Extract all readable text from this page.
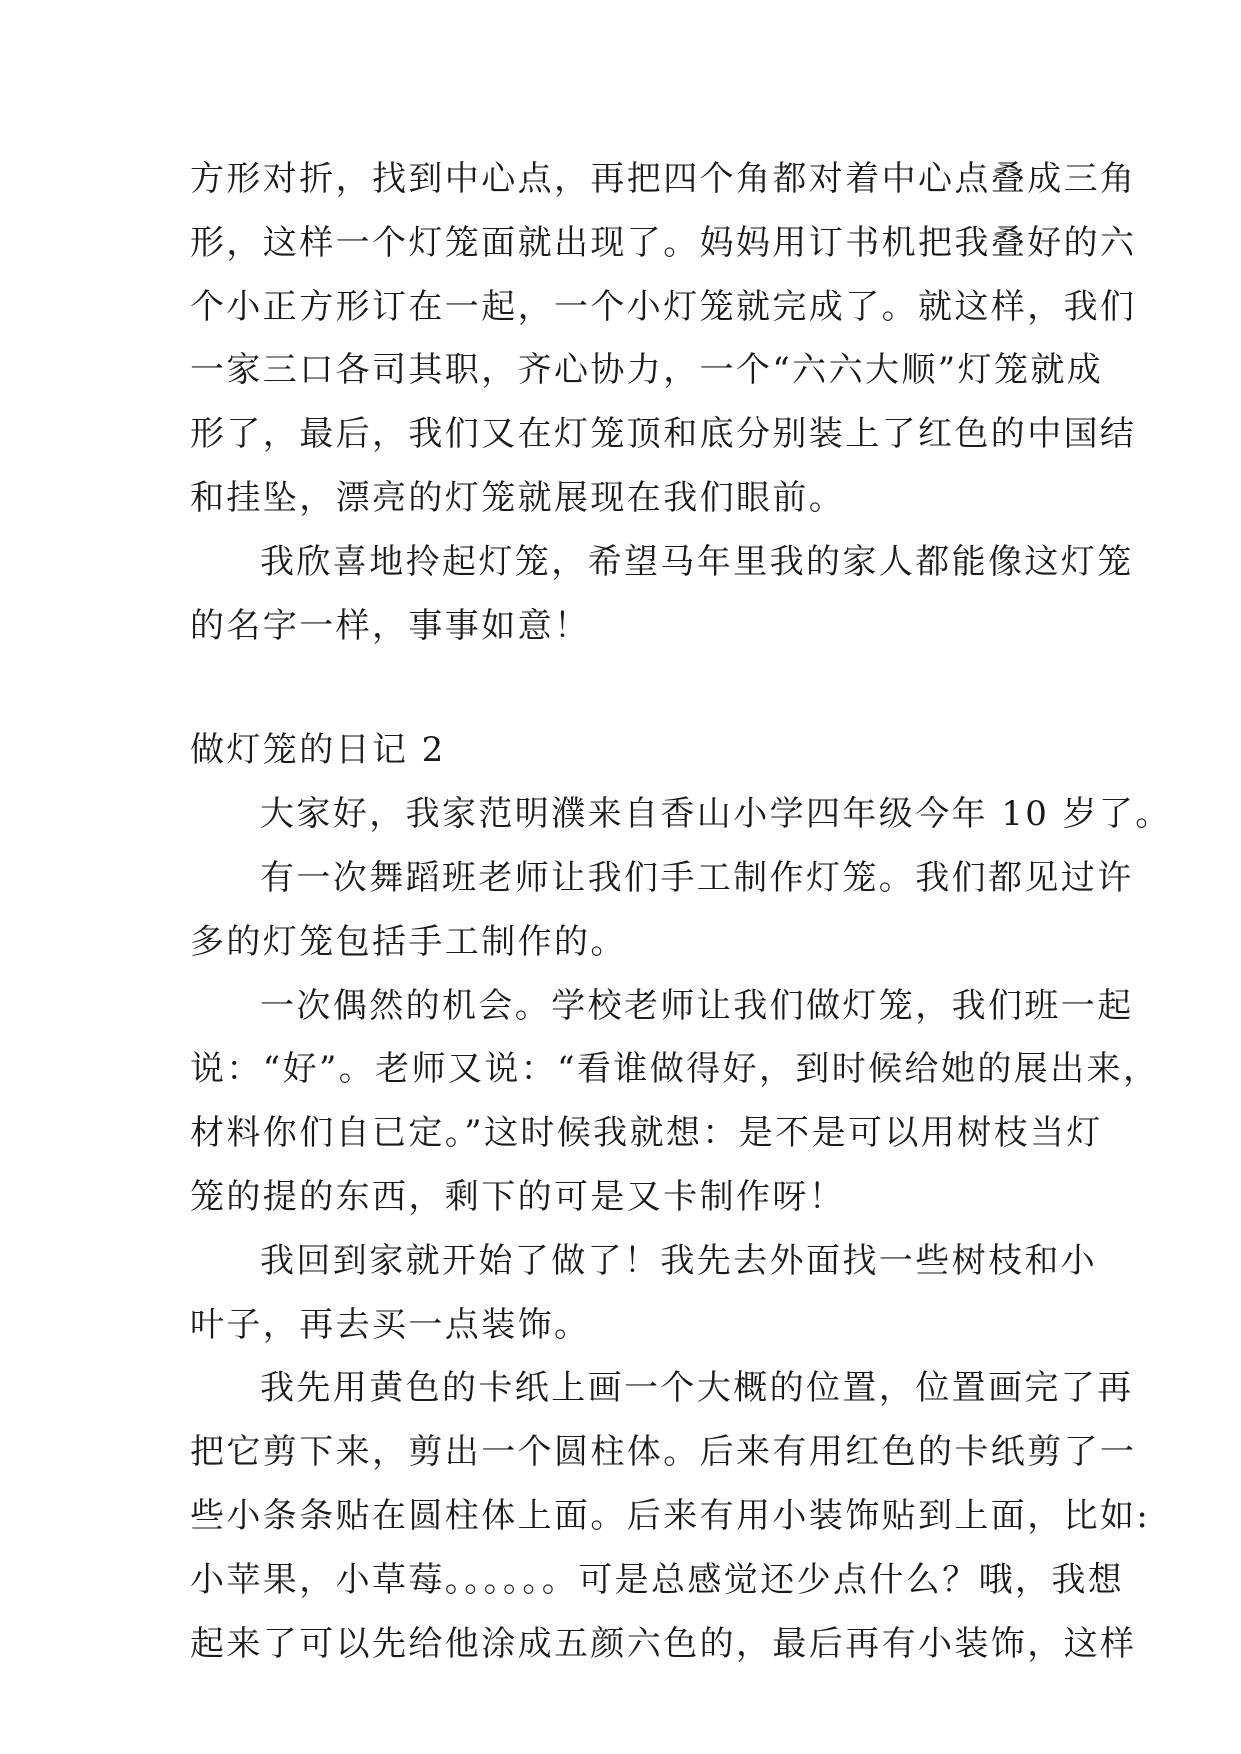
方形对折，找到中心点，再把四个角都对着中心点叠成三角
形，这样一个灯笼面就出现了。妈妈用订书机把我叠好的六
个小正方形订在一起，一个小灯笼就完成了。就这样，我们
一家三口各司其职，齐心协力，一个“六六大顺”灯笼就成
形了，最后，我们又在灯笼顶和底分别装上了红色的中国结
和挂坠，漂亮的灯笼就展现在我们眼前。
我欣喜地拎起灯笼，希望马年里我的家人都能像这灯笼
的名字一样，事事如意！
做灯笼的日记 2
大家好，我家范明濮来自香山小学四年级今年 10 岁了。
有一次舞蹈班老师让我们手工制作灯笼。我们都见过许
多的灯笼包括手工制作的。
一次偶然的机会。学校老师让我们做灯笼，我们班一起
说：“好”。老师又说：“看谁做得好，到时候给她的展出来，
材料你们自已定。”这时候我就想：是不是可以用树枝当灯
笼的提的东西，剩下的可是又卡制作呀！
我回到家就开始了做了！我先去外面找一些树枝和小
叶子，再去买一点装饰。
我先用黄色的卡纸上画一个大概的位置，位置画完了再
把它剪下来，剪出一个圆柱体。后来有用红色的卡纸剪了一
些小条条贴在圆柱体上面。后来有用小装饰贴到上面，比如:
小苹果，小草莓。。。。。。可是总感觉还少点什么？哦，我想
起来了可以先给他涂成五颜六色的，最后再有小装饰，这样
